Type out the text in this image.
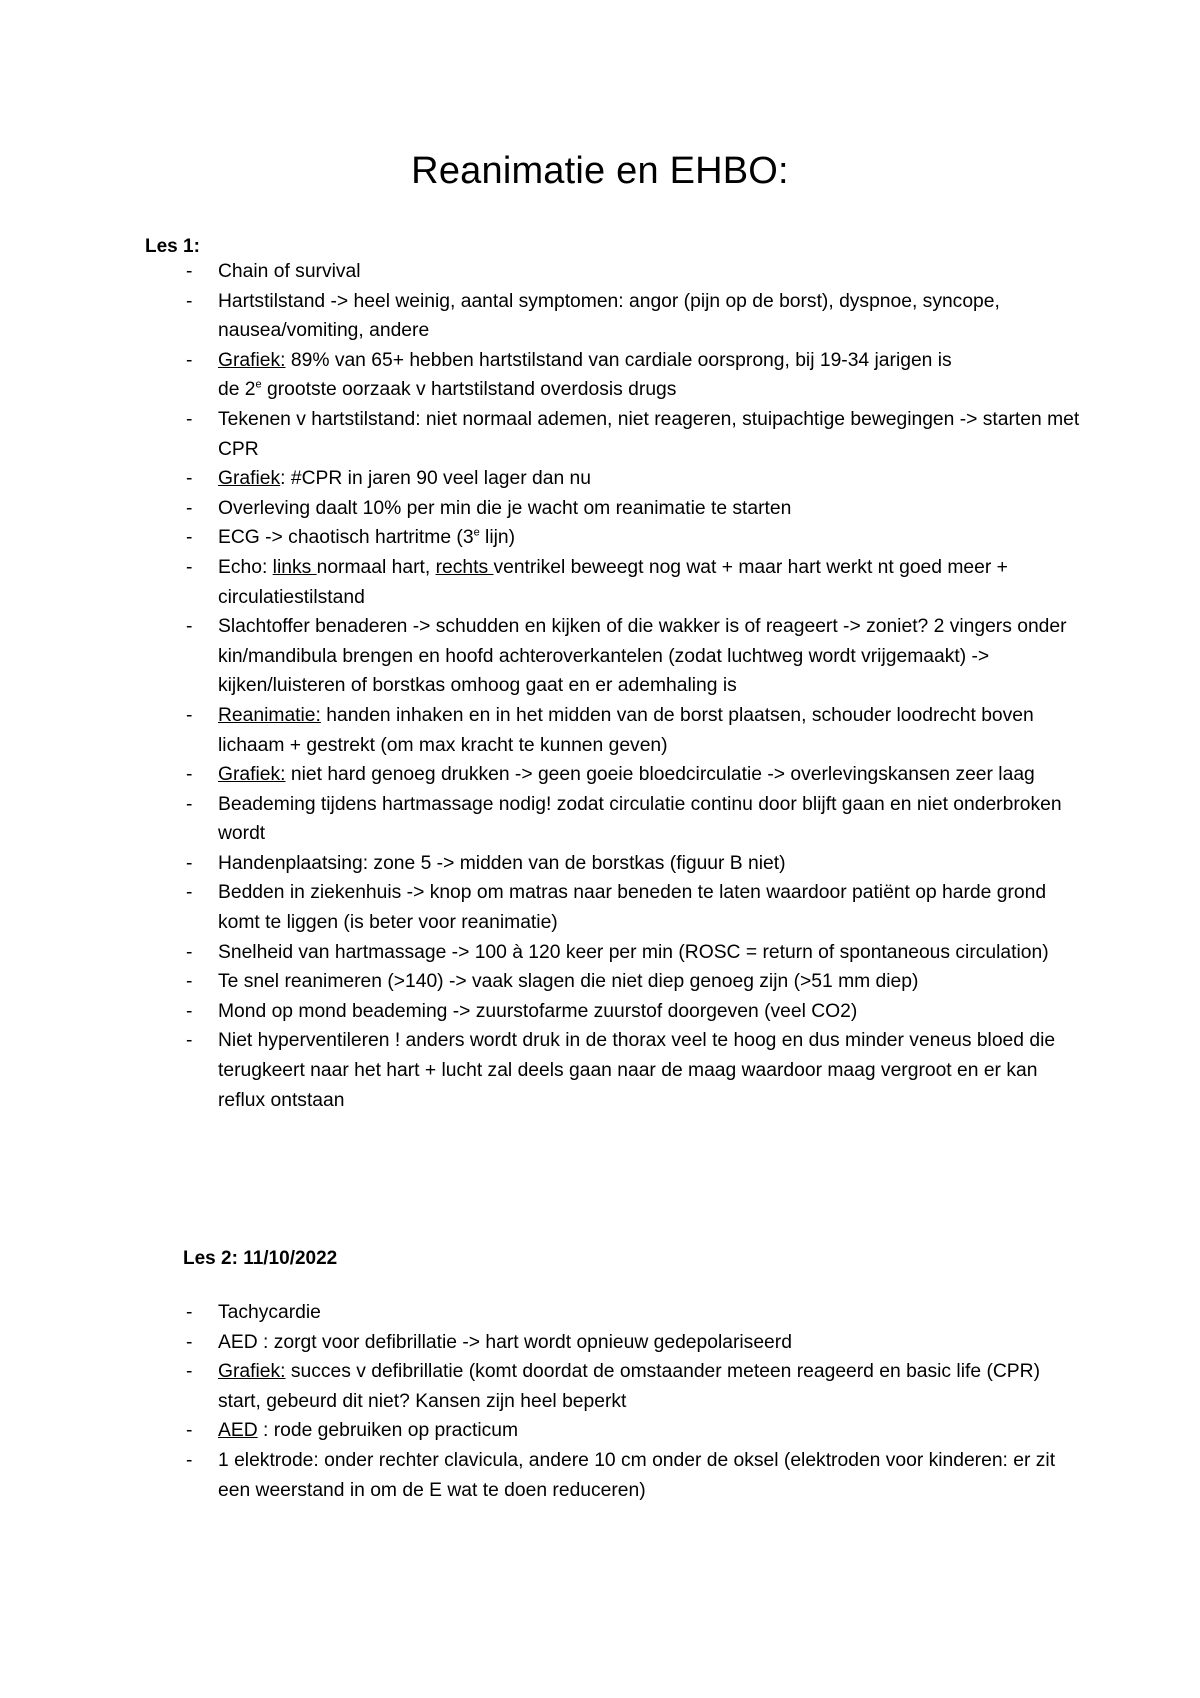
Reanimatie en EHBO:
Les 1:
- Chain of survival
- Hartstilstand -> heel weinig, aantal symptomen: angor (pijn op de borst), dyspnoe, syncope, nausea/vomiting, andere
- Grafiek: 89% van 65+ hebben hartstilstand van cardiale oorsprong, bij 19-34 jarigen is
de 2e grootste oorzaak v hartstilstand overdosis drugs
- Tekenen v hartstilstand: niet normaal ademen, niet reageren, stuipachtige bewegingen -> starten met CPR
- Grafiek: #CPR in jaren 90 veel lager dan nu
- Overleving daalt 10% per min die je wacht om reanimatie te starten
- ECG -> chaotisch hartritme (3e lijn)
- Echo: links normaal hart, rechts ventrikel beweegt nog wat + maar hart werkt nt goed meer + circulatiestilstand
- Slachtoffer benaderen -> schudden en kijken of die wakker is of reageert -> zoniet? 2 vingers onder kin/mandibula brengen en hoofd achteroverkantelen (zodat luchtweg wordt vrijgemaakt) -> kijken/luisteren of borstkas omhoog gaat en er ademhaling is
- Reanimatie: handen inhaken en in het midden van de borst plaatsen, schouder loodrecht boven lichaam + gestrekt (om max kracht te kunnen geven)
- Grafiek: niet hard genoeg drukken -> geen goeie bloedcirculatie -> overlevingskansen zeer laag
- Beademing tijdens hartmassage nodig! zodat circulatie continu door blijft gaan en niet onderbroken wordt
- Handenplaatsing: zone 5 -> midden van de borstkas (figuur B niet)
- Bedden in ziekenhuis -> knop om matras naar beneden te laten waardoor patiënt op harde grond komt te liggen (is beter voor reanimatie)
- Snelheid van hartmassage -> 100 à 120 keer per min (ROSC = return of spontaneous circulation)
- Te snel reanimeren (>140) -> vaak slagen die niet diep genoeg zijn (>51 mm diep)
- Mond op mond beademing -> zuurstofarme zuurstof doorgeven (veel CO2)
- Niet hyperventileren ! anders wordt druk in de thorax veel te hoog en dus minder veneus bloed die terugkeert naar het hart + lucht zal deels gaan naar de maag waardoor maag vergroot en er kan reflux ontstaan
Les 2: 11/10/2022
- Tachycardie
- AED : zorgt voor defibrillatie -> hart wordt opnieuw gedepolariseerd
- Grafiek: succes v defibrillatie (komt doordat de omstaander meteen reageerd en basic life (CPR) start, gebeurd dit niet? Kansen zijn heel beperkt
- AED : rode gebruiken op practicum
- 1 elektrode: onder rechter clavicula, andere 10 cm onder de oksel (elektroden voor kinderen: er zit een weerstand in om de E wat te doen reduceren)
